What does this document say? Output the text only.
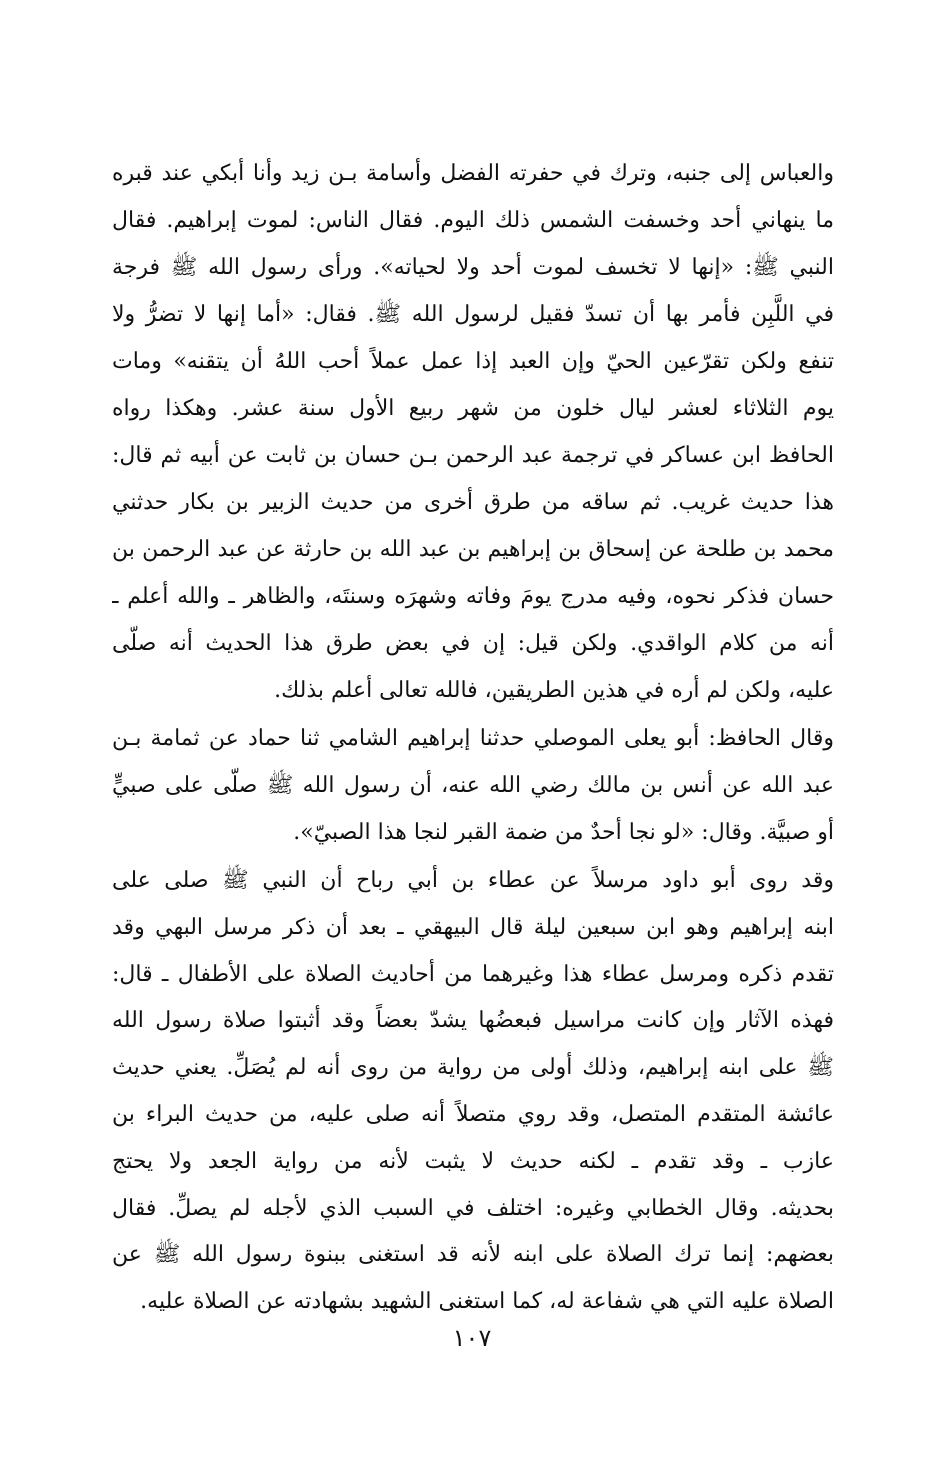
والعباس إلى جنبه، وترك في حفرته الفضل وأسامة بـن زيد وأنا أبكي عند قبره
ما ينهاني أحد وخسفت الشمس ذلك اليوم. فقال الناس: لموت إبراهيم. فقال
النبي ﷺ: «إنها لا تخسف لموت أحد ولا لحياته». ورأى رسول الله ﷺ فرجة
في اللَّبِن فأمر بها أن تسدّ فقيل لرسول الله ﷺ. فقال: «أما إنها لا تضرُّ ولا
تنفع ولكن تقرّعين الحيّ وإن العبد إذا عمل عملاً أحب اللهُ أن يتقنه» ومات
يوم الثلاثاء لعشر ليال خلون من شهر ربيع الأول سنة عشر. وهكذا رواه
الحافظ ابن عساكر في ترجمة عبد الرحمن بـن حسان بن ثابت عن أبيه ثم قال:
هذا حديث غريب. ثم ساقه من طرق أخرى من حديث الزبير بن بكار حدثني
محمد بن طلحة عن إسحاق بن إبراهيم بن عبد الله بن حارثة عن عبد الرحمن بن
حسان فذكر نحوه، وفيه مدرج يومَ وفاته وشهرَه وسنتَه، والظاهر ـ والله أعلم ـ
أنه من كلام الواقدي. ولكن قيل: إن في بعض طرق هذا الحديث أنه صلّى
عليه، ولكن لم أره في هذين الطريقين، فالله تعالى أعلم بذلك.
وقال الحافظ: أبو يعلى الموصلي حدثنا إبراهيم الشامي ثنا حماد عن ثمامة بـن
عبد الله عن أنس بن مالك رضي الله عنه، أن رسول الله ﷺ صلّى على صبيٍّ
أو صبيَّة. وقال: «لو نجا أحدٌ من ضمة القبر لنجا هذا الصبيّ».
وقد روى أبو داود مرسلاً عن عطاء بن أبي رباح أن النبي ﷺ صلى على
ابنه إبراهيم وهو ابن سبعين ليلة قال البيهقي ـ بعد أن ذكر مرسل البهي وقد
تقدم ذكره ومرسل عطاء هذا وغيرهما من أحاديث الصلاة على الأطفال ـ قال:
فهذه الآثار وإن كانت مراسيل فبعضُها يشدّ بعضاً وقد أثبتوا صلاة رسول الله
ﷺ على ابنه إبراهيم، وذلك أولى من رواية من روى أنه لم يُصَلِّ. يعني حديث
عائشة المتقدم المتصل، وقد روي متصلاً أنه صلى عليه، من حديث البراء بن
عازب ـ وقد تقدم ـ لكنه حديث لا يثبت لأنه من رواية الجعد ولا يحتج
بحديثه. وقال الخطابي وغيره: اختلف في السبب الذي لأجله لم يصلِّ. فقال
بعضهم: إنما ترك الصلاة على ابنه لأنه قد استغنى ببنوة رسول الله ﷺ عن
الصلاة عليه التي هي شفاعة له، كما استغنى الشهيد بشهادته عن الصلاة عليه.
١٠٧
